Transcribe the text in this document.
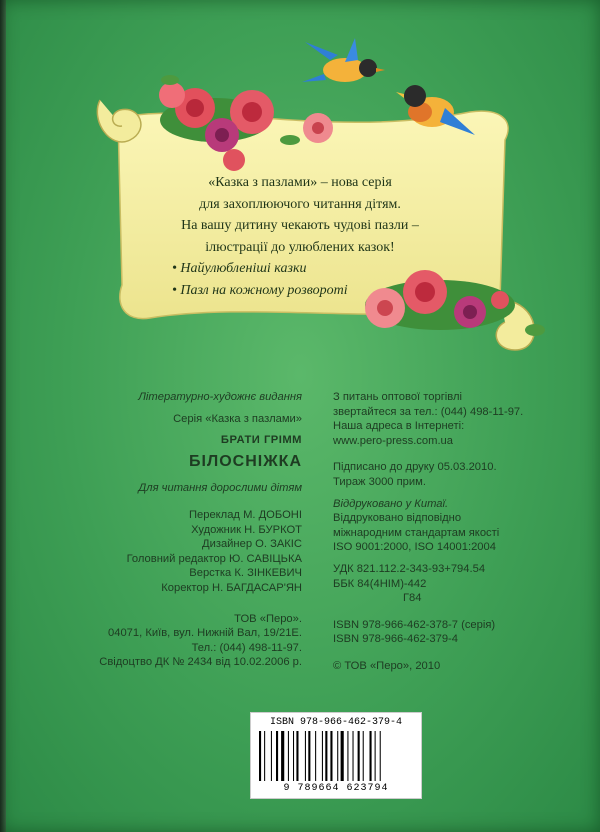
«Казка з пазлами» – нова серія
для захоплюючого читання дітям.
На вашу дитину чекають чудові пазли –
ілюстрації до улюблених казок!
• Найулюбленіші казки
• Пазл на кожному розвороті
Літературно-художнє видання
Серія «Казка з пазлами»
БРАТИ ГРІММ
БІЛОСНІЖКА
Для читання дорослими дітям
Переклад М. ДОБОНІ
Художник Н. БУРКОТ
Дизайнер О. ЗАКІС
Головний редактор Ю. САВІЦЬКА
Верстка К. ЗІНКЕВИЧ
Коректор Н. БАГДАСАР'ЯН
ТОВ «Перо».
04071, Київ, вул. Нижній Вал, 19/21Е.
Тел.: (044) 498-11-97.
Свідоцтво ДК № 2434 від 10.02.2006 р.
З питань оптової торгівлі
звертайтеся за тел.: (044) 498-11-97.
Наша адреса в Інтернеті:
www.pero-press.com.ua
Підписано до друку 05.03.2010.
Тираж 3000 прим.
Віддруковано у Китаї.
Віддруковано відповідно
міжнародним стандартам якості
ISO 9001:2000, ISO 14001:2004
УДК 821.112.2-343-93+794.54
ББК 84(4НІМ)-442
Г84
ISBN 978-966-462-378-7 (серія)
ISBN 978-966-462-379-4
© ТОВ «Перо», 2010
ISBN 978-966-462-379-4
9 789664 623794
